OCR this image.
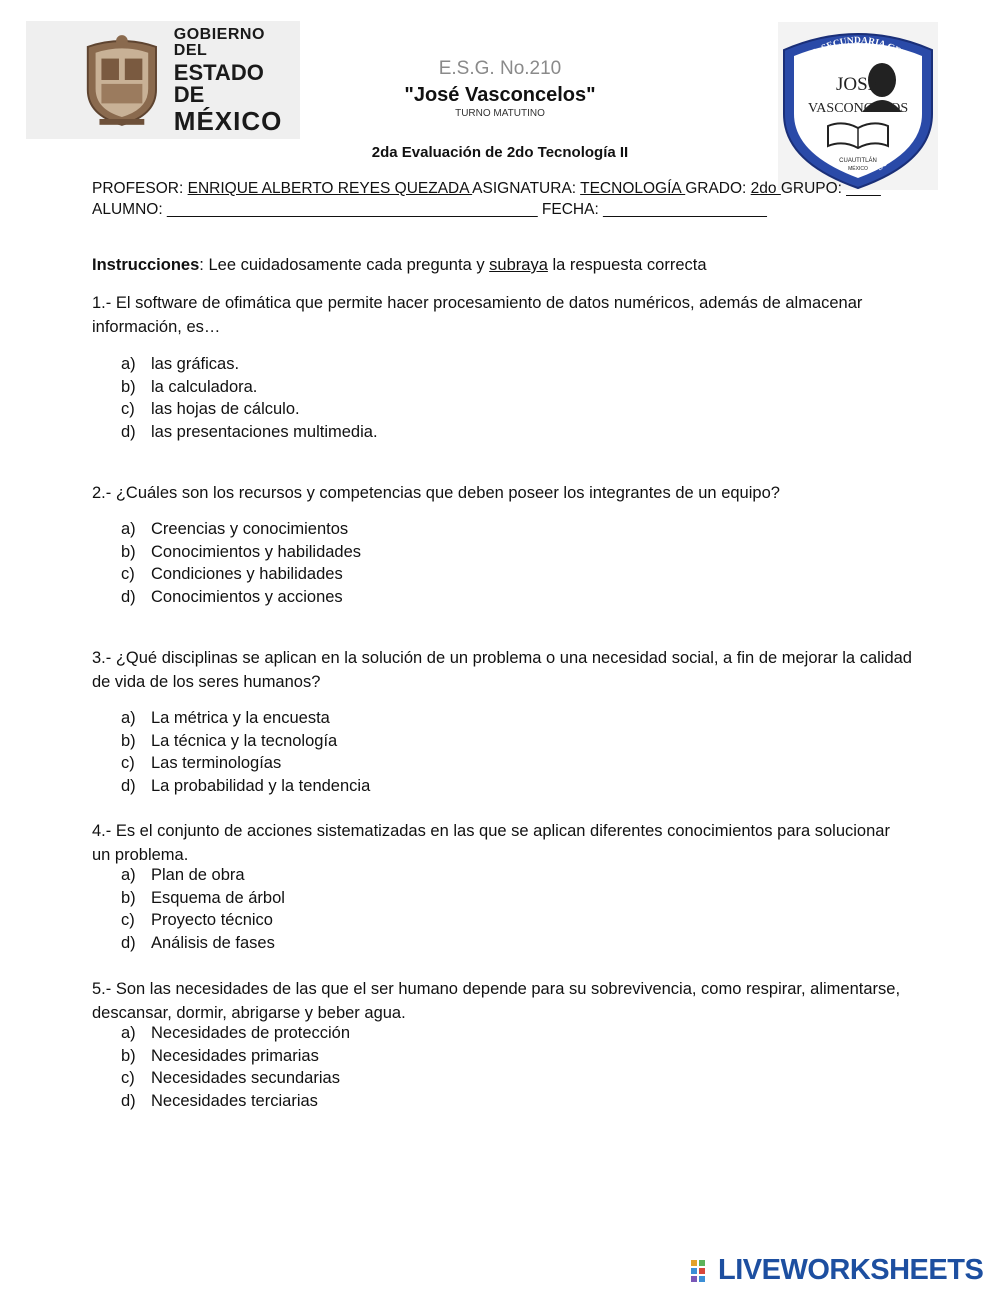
GOBIERNO DEL
ESTADO DE
MÉXICO
E.S.G. No.210
"José Vasconcelos"
TURNO MATUTINO
ESC. SECUNDARIA GENER
ESTUDIO
SUPERACIÓN
JOSÉ
VASCONCELOS
CUAUTITLÁN
MÉXICO
2da Evaluación de 2do Tecnología II
PROFESOR: ENRIQUE ALBERTO REYES QUEZADA ASIGNATURA: TECNOLOGÍA GRADO: 2do GRUPO: ____
ALUMNO: ___________________________________________ FECHA: ___________________
Instrucciones: Lee cuidadosamente cada pregunta y subraya la respuesta correcta
1.- El software de ofimática que permite hacer procesamiento de datos numéricos, además de almacenar información, es…
a) las gráficas.
b) la calculadora.
c) las hojas de cálculo.
d) las presentaciones multimedia.
2.- ¿Cuáles son los recursos y competencias que deben poseer los integrantes de un equipo?
a) Creencias y conocimientos
b) Conocimientos y habilidades
c) Condiciones y habilidades
d) Conocimientos y acciones
3.- ¿Qué disciplinas se aplican en la solución de un problema o una necesidad social, a fin de mejorar la calidad de vida de los seres humanos?
a) La métrica y la encuesta
b) La técnica y la tecnología
c) Las terminologías
d) La probabilidad y la tendencia
4.- Es el conjunto de acciones sistematizadas en las que se aplican diferentes conocimientos para solucionar un problema.
a) Plan de obra
b) Esquema de árbol
c) Proyecto técnico
d) Análisis de fases
5.- Son las necesidades de las que el ser humano depende para su sobrevivencia, como respirar, alimentarse, descansar, dormir, abrigarse y beber agua.
a) Necesidades de protección
b) Necesidades primarias
c) Necesidades secundarias
d) Necesidades terciarias
LIVEWORKSHEETS
